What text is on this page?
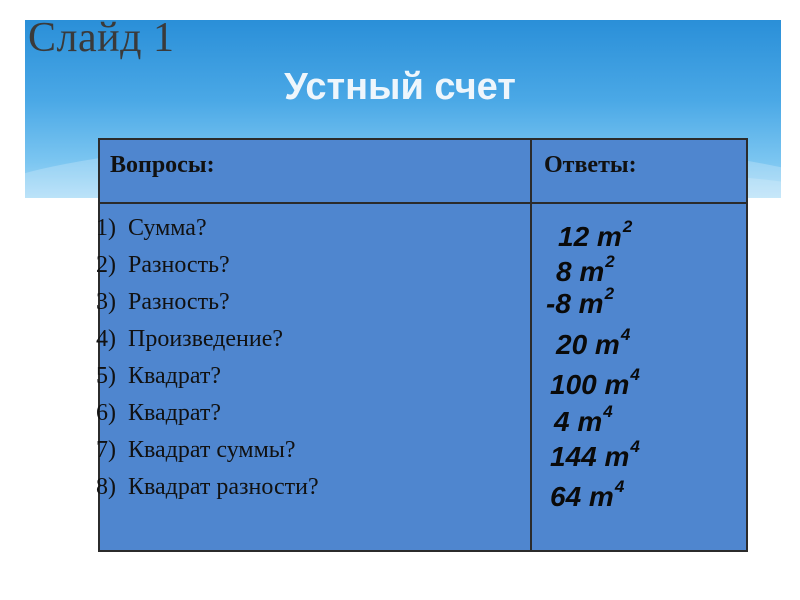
Слайд 1
Устный счет
Вопросы:	Ответы:
1) Сумма?
2) Разность?
3) Разность?
4) Произведение?
5) Квадрат?
6) Квадрат?
7) Квадрат суммы?
8) Квадрат разности?
12 $m^2$
8 $m^2$
-8 $m^2$
20 $m^4$
100 $m^4$
4 $m^4$
144 $m^4$
64 $m^4$
